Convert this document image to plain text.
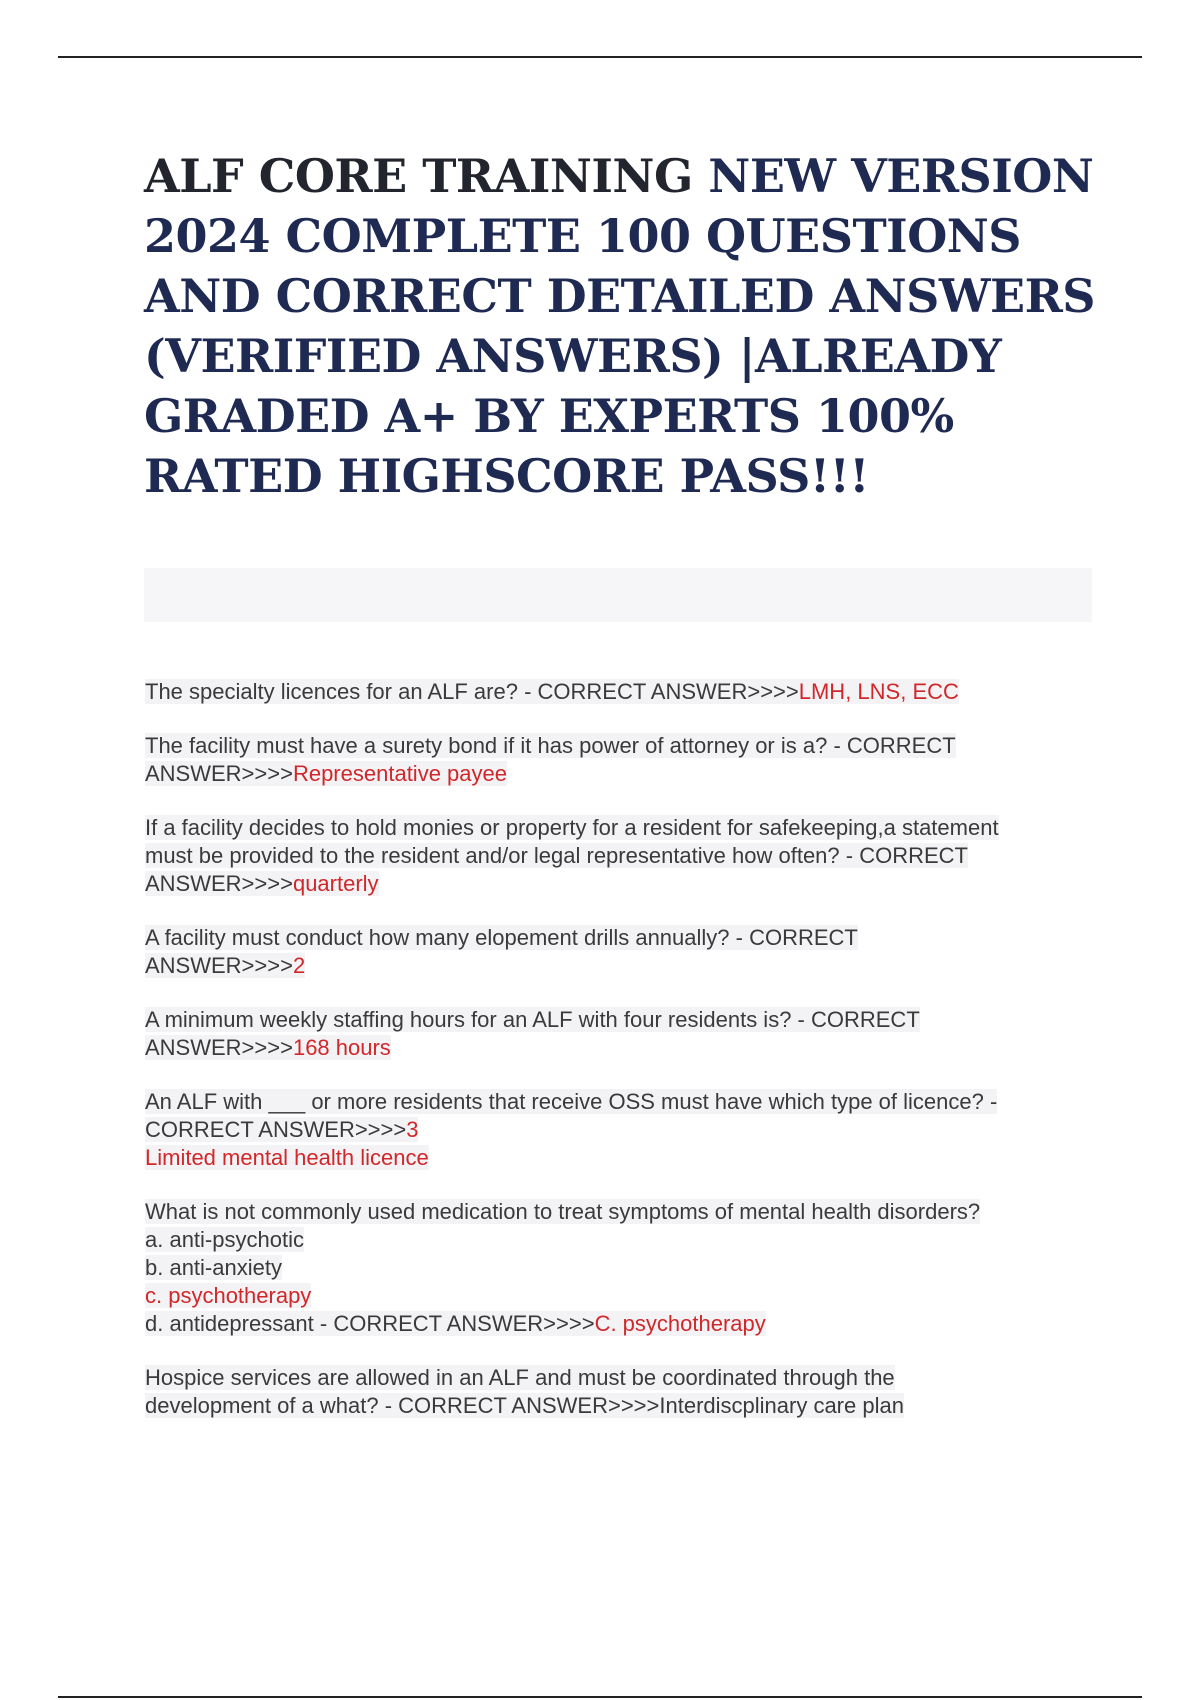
ALF CORE TRAINING NEW VERSION 2024 COMPLETE 100 QUESTIONS AND CORRECT DETAILED ANSWERS (VERIFIED ANSWERS) |ALREADY GRADED A+ BY EXPERTS 100% RATED HIGHSCORE PASS!!!

The specialty licences for an ALF are? - CORRECT ANSWER>>>>LMH, LNS, ECC

The facility must have a surety bond if it has power of attorney or is a? - CORRECT
ANSWER>>>>Representative payee

If a facility decides to hold monies or property for a resident for safekeeping,a statement
must be provided to the resident and/or legal representative how often? - CORRECT
ANSWER>>>>quarterly

A facility must conduct how many elopement drills annually? - CORRECT
ANSWER>>>>2

A minimum weekly staffing hours for an ALF with four residents is? - CORRECT
ANSWER>>>>168 hours

An ALF with ___ or more residents that receive OSS must have which type of licence? -
CORRECT ANSWER>>>>3
Limited mental health licence

What is not commonly used medication to treat symptoms of mental health disorders?
a. anti-psychotic
b. anti-anxiety
c. psychotherapy
d. antidepressant - CORRECT ANSWER>>>>C. psychotherapy

Hospice services are allowed in an ALF and must be coordinated through the
development of a what? - CORRECT ANSWER>>>>Interdiscplinary care plan
